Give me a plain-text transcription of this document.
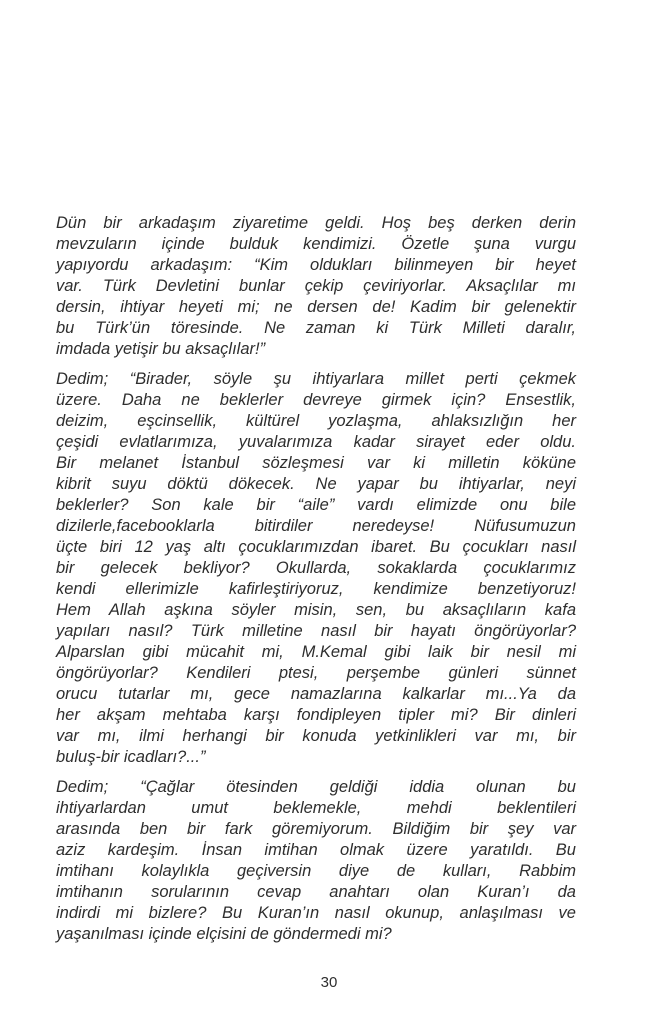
Dün bir arkadaşım ziyaretime geldi. Hoş beş derken derin
mevzuların içinde bulduk kendimizi. Özetle şuna vurgu
yapıyordu arkadaşım: “Kim oldukları bilinmeyen bir heyet
var. Türk Devletini bunlar çekip çeviriyorlar. Aksaçlılar mı
dersin, ihtiyar heyeti mi; ne dersen de! Kadim bir gelenektir
bu Türk’ün töresinde. Ne zaman ki Türk Milleti daralır,
imdada yetişir bu aksaçlılar!”
Dedim; “Birader, söyle şu ihtiyarlara millet perti çekmek
üzere. Daha ne beklerler devreye girmek için? Ensestlik,
deizim, eşcinsellik, kültürel yozlaşma, ahlaksızlığın her
çeşidi evlatlarımıza, yuvalarımıza kadar sirayet eder oldu.
Bir melanet İstanbul sözleşmesi var ki milletin köküne
kibrit suyu döktü dökecek. Ne yapar bu ihtiyarlar, neyi
beklerler? Son kale bir “aile” vardı elimizde onu bile
dizilerle,facebooklarla bitirdiler neredeyse! Nüfusumuzun
üçte biri 12 yaş altı çocuklarımızdan ibaret. Bu çocukları nasıl
bir gelecek bekliyor? Okullarda, sokaklarda çocuklarımız
kendi ellerimizle kafirleştiriyoruz, kendimize benzetiyoruz!
Hem Allah aşkına söyler misin, sen, bu aksaçlıların kafa
yapıları nasıl? Türk milletine nasıl bir hayatı öngörüyorlar?
Alparslan gibi mücahit mi, M.Kemal gibi laik bir nesil mi
öngörüyorlar? Kendileri ptesi, perşembe günleri sünnet
orucu tutarlar mı, gece namazlarına kalkarlar mı...Ya da
her akşam mehtaba karşı fondipleyen tipler mi? Bir dinleri
var mı, ilmi herhangi bir konuda yetkinlikleri var mı, bir
buluş-bir icadları?...”
Dedim; “Çağlar ötesinden geldiği iddia olunan bu
ihtiyarlardan umut beklemekle, mehdi beklentileri
arasında ben bir fark göremiyorum. Bildiğim bir şey var
aziz kardeşim. İnsan imtihan olmak üzere yaratıldı. Bu
imtihanı kolaylıkla geçiversin diye de kulları, Rabbim
imtihanın sorularının cevap anahtarı olan Kuran’ı da
indirdi mi bizlere? Bu Kuran’ın nasıl okunup, anlaşılması ve
yaşanılması içinde elçisini de göndermedi mi?
30
